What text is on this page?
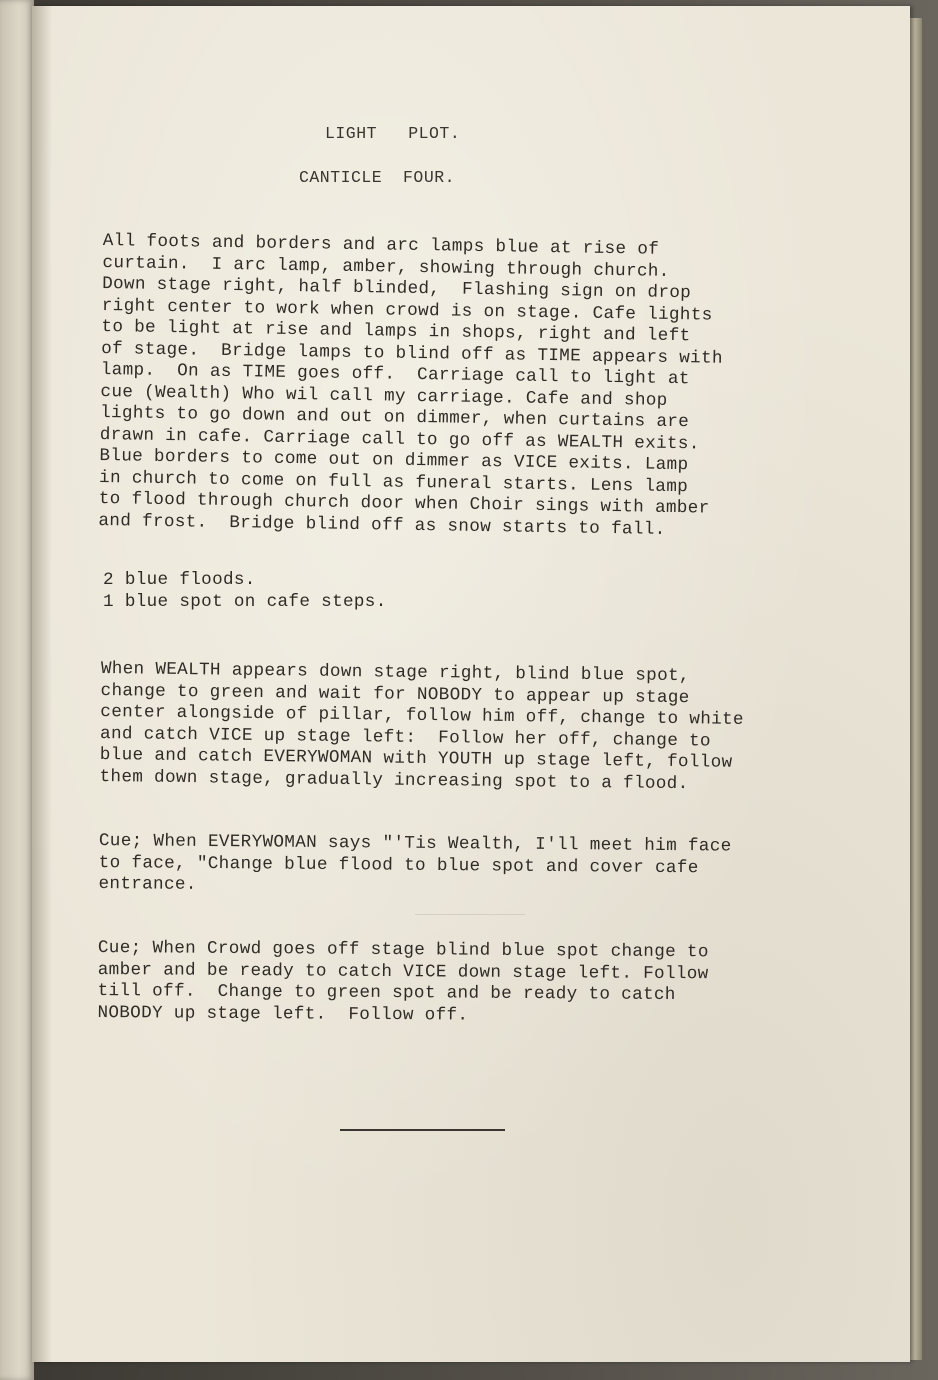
LIGHT   PLOT.
CANTICLE  FOUR.
All foots and borders and arc lamps blue at rise of
curtain.  I arc lamp, amber, showing through church.
Down stage right, half blinded,  Flashing sign on drop
right center to work when crowd is on stage. Cafe lights
to be light at rise and lamps in shops, right and left
of stage.  Bridge lamps to blind off as TIME appears with
lamp.  On as TIME goes off.  Carriage call to light at
cue (Wealth) Who wil call my carriage. Cafe and shop
lights to go down and out on dimmer, when curtains are
drawn in cafe. Carriage call to go off as WEALTH exits.
Blue borders to come out on dimmer as VICE exits. Lamp
in church to come on full as funeral starts. Lens lamp
to flood through church door when Choir sings with amber
and frost.  Bridge blind off as snow starts to fall.
2 blue floods.
1 blue spot on cafe steps.
When WEALTH appears down stage right, blind blue spot,
change to green and wait for NOBODY to appear up stage
center alongside of pillar, follow him off, change to white
and catch VICE up stage left:  Follow her off, change to
blue and catch EVERYWOMAN with YOUTH up stage left, follow
them down stage, gradually increasing spot to a flood.
Cue; When EVERYWOMAN says "'Tis Wealth, I'll meet him face
to face, "Change blue flood to blue spot and cover cafe
entrance.
Cue; When Crowd goes off stage blind blue spot change to
amber and be ready to catch VICE down stage left. Follow
till off.  Change to green spot and be ready to catch
NOBODY up stage left.  Follow off.
